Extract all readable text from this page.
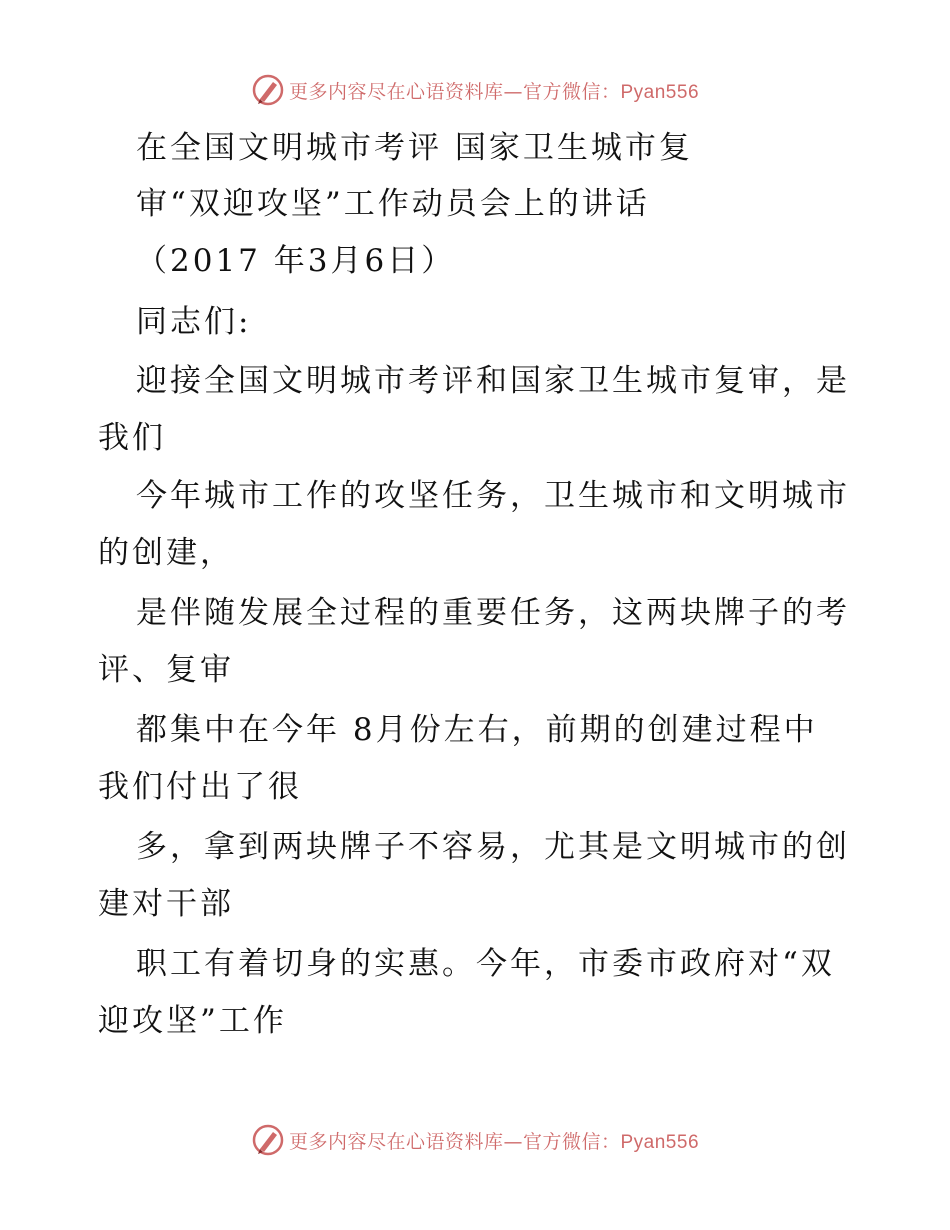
更多内容尽在心语资料库—官方微信：Pyan556
在全国文明城市考评 国家卫生城市复
审“双迎攻坚”工作动员会上的讲话
（2017 年3月6日）
同志们:
迎接全国文明城市考评和国家卫生城市复审，是
我们
今年城市工作的攻坚任务，卫生城市和文明城市
的创建，
是伴随发展全过程的重要任务，这两块牌子的考
评、复审
都集中在今年 8月份左右，前期的创建过程中
我们付出了很
多，拿到两块牌子不容易，尤其是文明城市的创
建对干部
职工有着切身的实惠。今年，市委市政府对“双
迎攻坚”工作
更多内容尽在心语资料库—官方微信：Pyan556
